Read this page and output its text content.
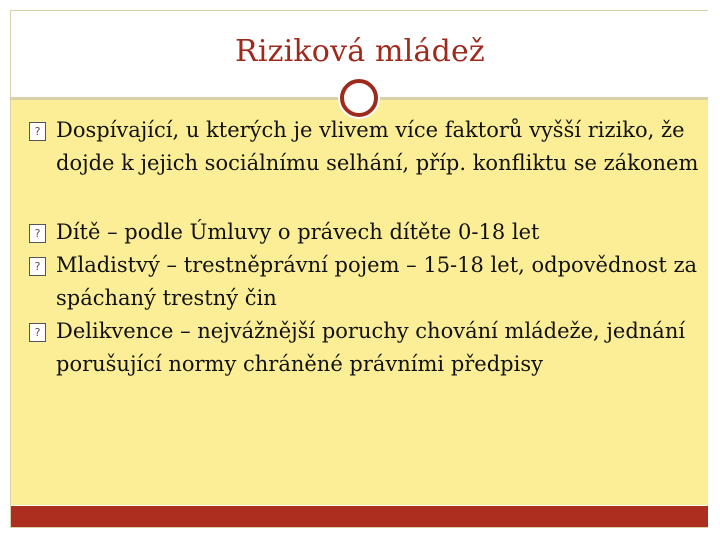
Riziková mládež
? Dospívající, u kterých je vlivem více faktorů vyšší riziko, že dojde k jejich sociálnímu selhání, příp. konfliktu se zákonem
? Dítě – podle Úmluvy o právech dítěte 0-18 let
? Mladistvý – trestněprávní pojem – 15-18 let, odpovědnost za spáchaný trestný čin
? Delikvence – nejvážnější poruchy chování mládeže, jednání porušující normy chráněné právními předpisy
